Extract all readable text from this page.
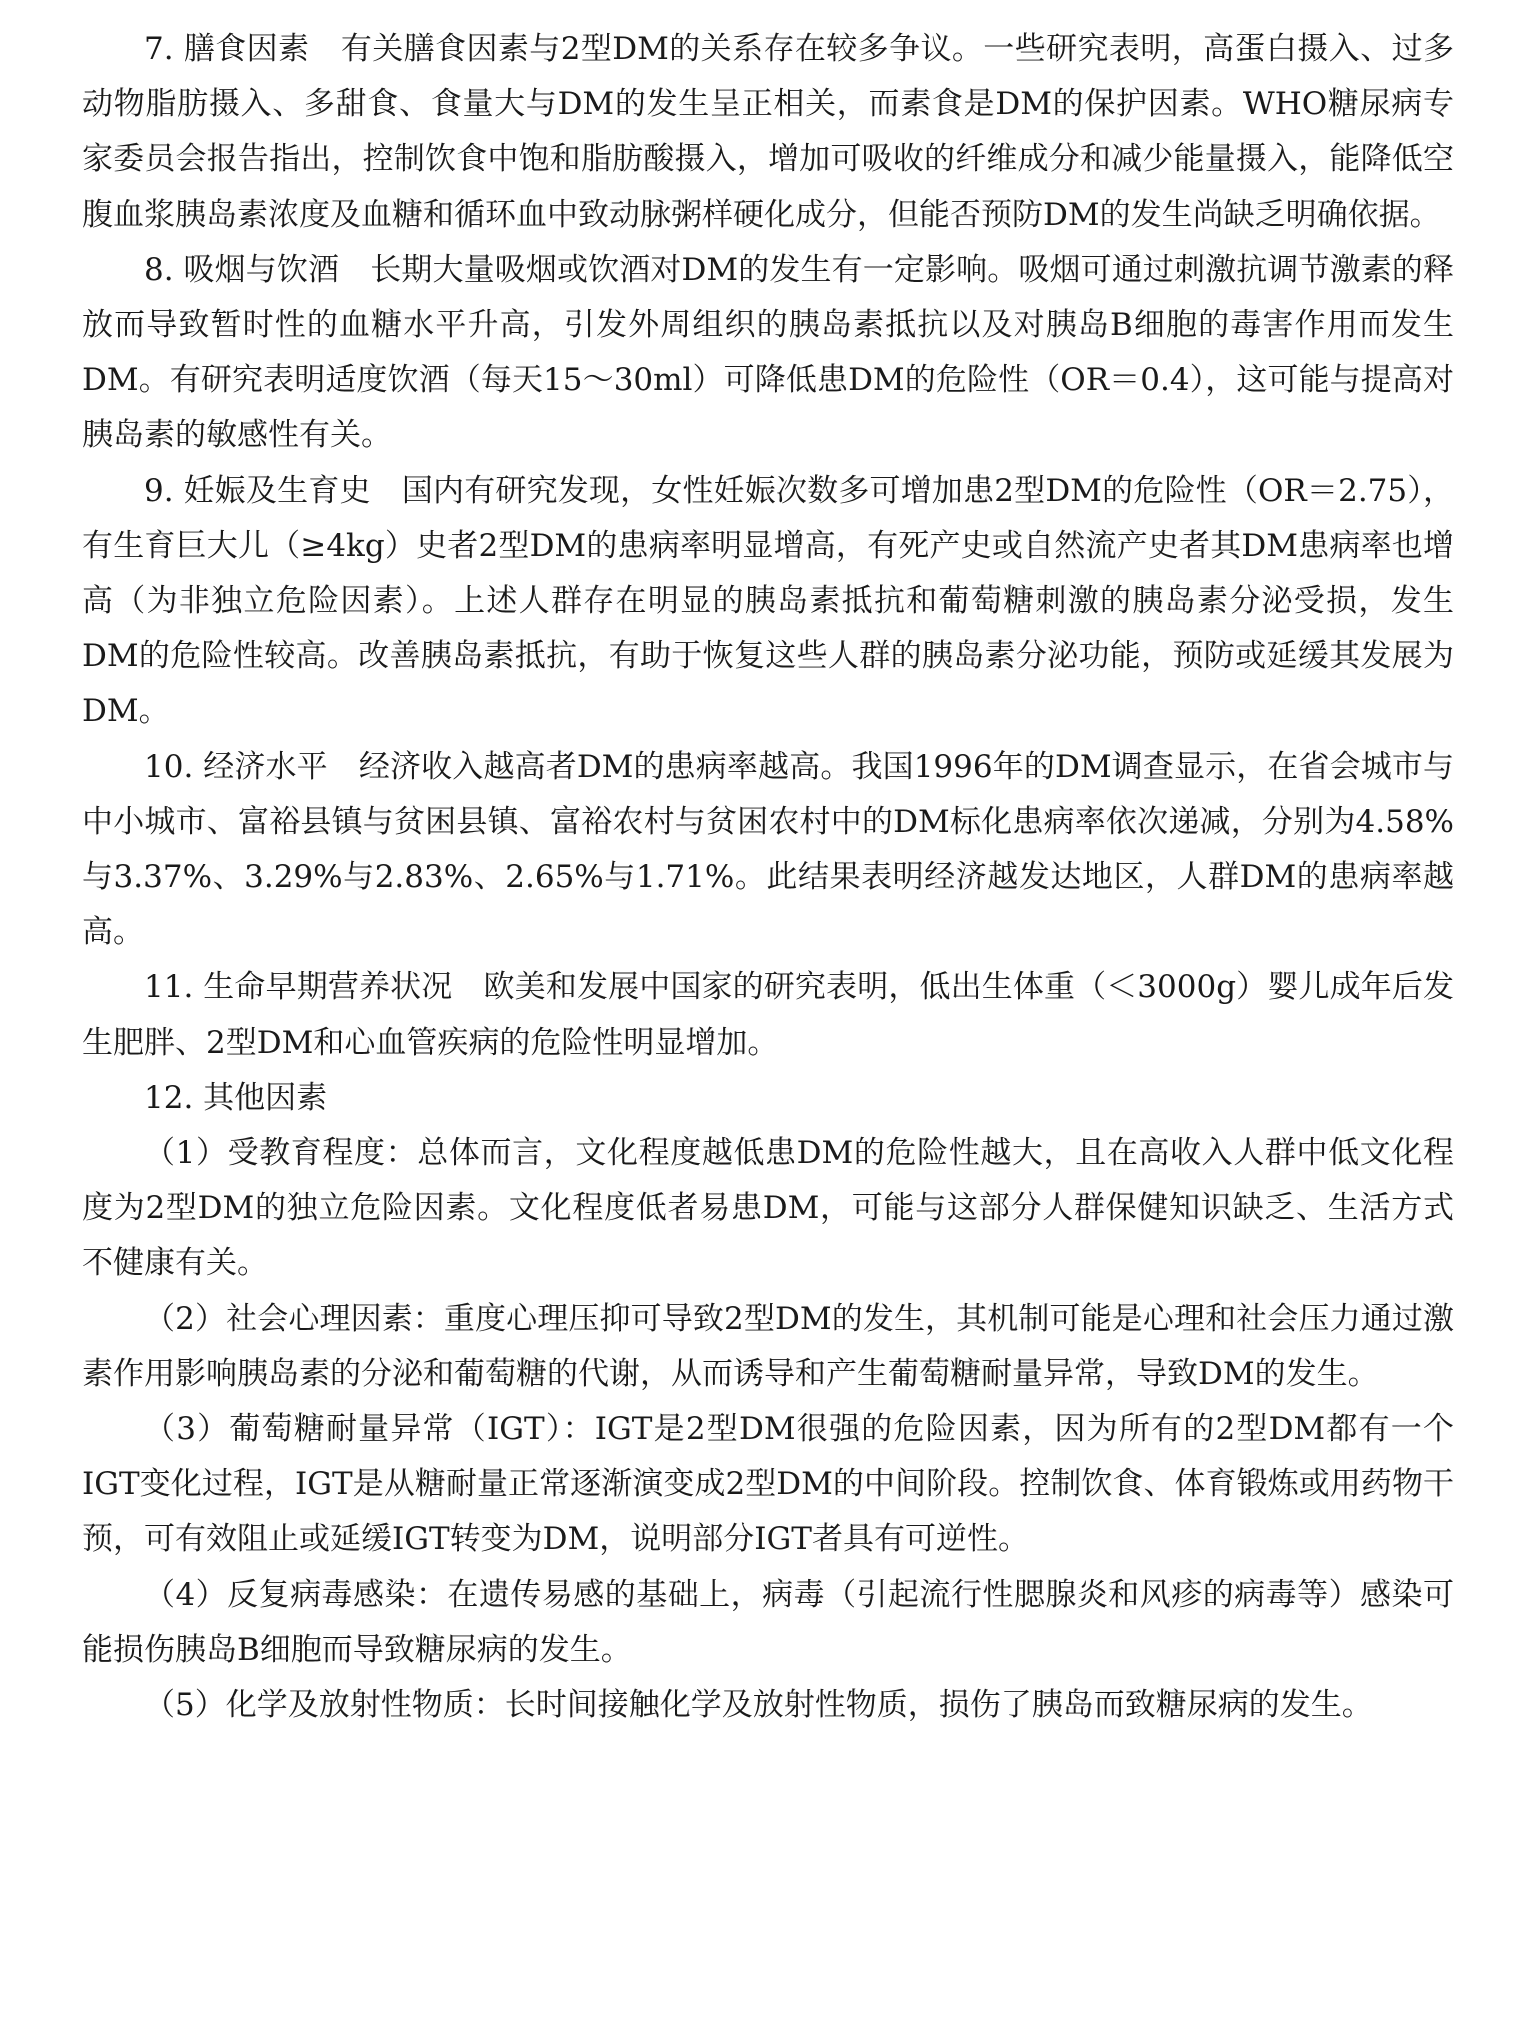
7. 膳食因素 有关膳食因素与2型DM的关系存在较多争议。一些研究表明，高蛋白摄入、过多动物脂肪摄入、多甜食、食量大与DM的发生呈正相关，而素食是DM的保护因素。WHO糖尿病专家委员会报告指出，控制饮食中饱和脂肪酸摄入，增加可吸收的纤维成分和减少能量摄入，能降低空腹血浆胰岛素浓度及血糖和循环血中致动脉粥样硬化成分，但能否预防DM的发生尚缺乏明确依据。

8. 吸烟与饮酒 长期大量吸烟或饮酒对DM的发生有一定影响。吸烟可通过刺激抗调节激素的释放而导致暂时性的血糖水平升高，引发外周组织的胰岛素抵抗以及对胰岛B细胞的毒害作用而发生DM。有研究表明适度饮酒（每天15～30ml）可降低患DM的危险性（OR＝0.4），这可能与提高对胰岛素的敏感性有关。

9. 妊娠及生育史 国内有研究发现，女性妊娠次数多可增加患2型DM的危险性（OR＝2.75），有生育巨大儿（≥4kg）史者2型DM的患病率明显增高，有死产史或自然流产史者其DM患病率也增高（为非独立危险因素）。上述人群存在明显的胰岛素抵抗和葡萄糖刺激的胰岛素分泌受损，发生DM的危险性较高。改善胰岛素抵抗，有助于恢复这些人群的胰岛素分泌功能，预防或延缓其发展为DM。

10. 经济水平 经济收入越高者DM的患病率越高。我国1996年的DM调查显示，在省会城市与中小城市、富裕县镇与贫困县镇、富裕农村与贫困农村中的DM标化患病率依次递减，分别为4.58%与3.37%、3.29%与2.83%、2.65%与1.71%。此结果表明经济越发达地区，人群DM的患病率越高。

11. 生命早期营养状况 欧美和发展中国家的研究表明，低出生体重（＜3000g）婴儿成年后发生肥胖、2型DM和心血管疾病的危险性明显增加。

12. 其他因素

（1）受教育程度：总体而言，文化程度越低患DM的危险性越大，且在高收入人群中低文化程度为2型DM的独立危险因素。文化程度低者易患DM，可能与这部分人群保健知识缺乏、生活方式不健康有关。

（2）社会心理因素：重度心理压抑可导致2型DM的发生，其机制可能是心理和社会压力通过激素作用影响胰岛素的分泌和葡萄糖的代谢，从而诱导和产生葡萄糖耐量异常，导致DM的发生。

（3）葡萄糖耐量异常（IGT）：IGT是2型DM很强的危险因素，因为所有的2型DM都有一个IGT变化过程，IGT是从糖耐量正常逐渐演变成2型DM的中间阶段。控制饮食、体育锻炼或用药物干预，可有效阻止或延缓IGT转变为DM，说明部分IGT者具有可逆性。

（4）反复病毒感染：在遗传易感的基础上，病毒（引起流行性腮腺炎和风疹的病毒等）感染可能损伤胰岛B细胞而导致糖尿病的发生。

（5）化学及放射性物质：长时间接触化学及放射性物质，损伤了胰岛而致糖尿病的发生。
